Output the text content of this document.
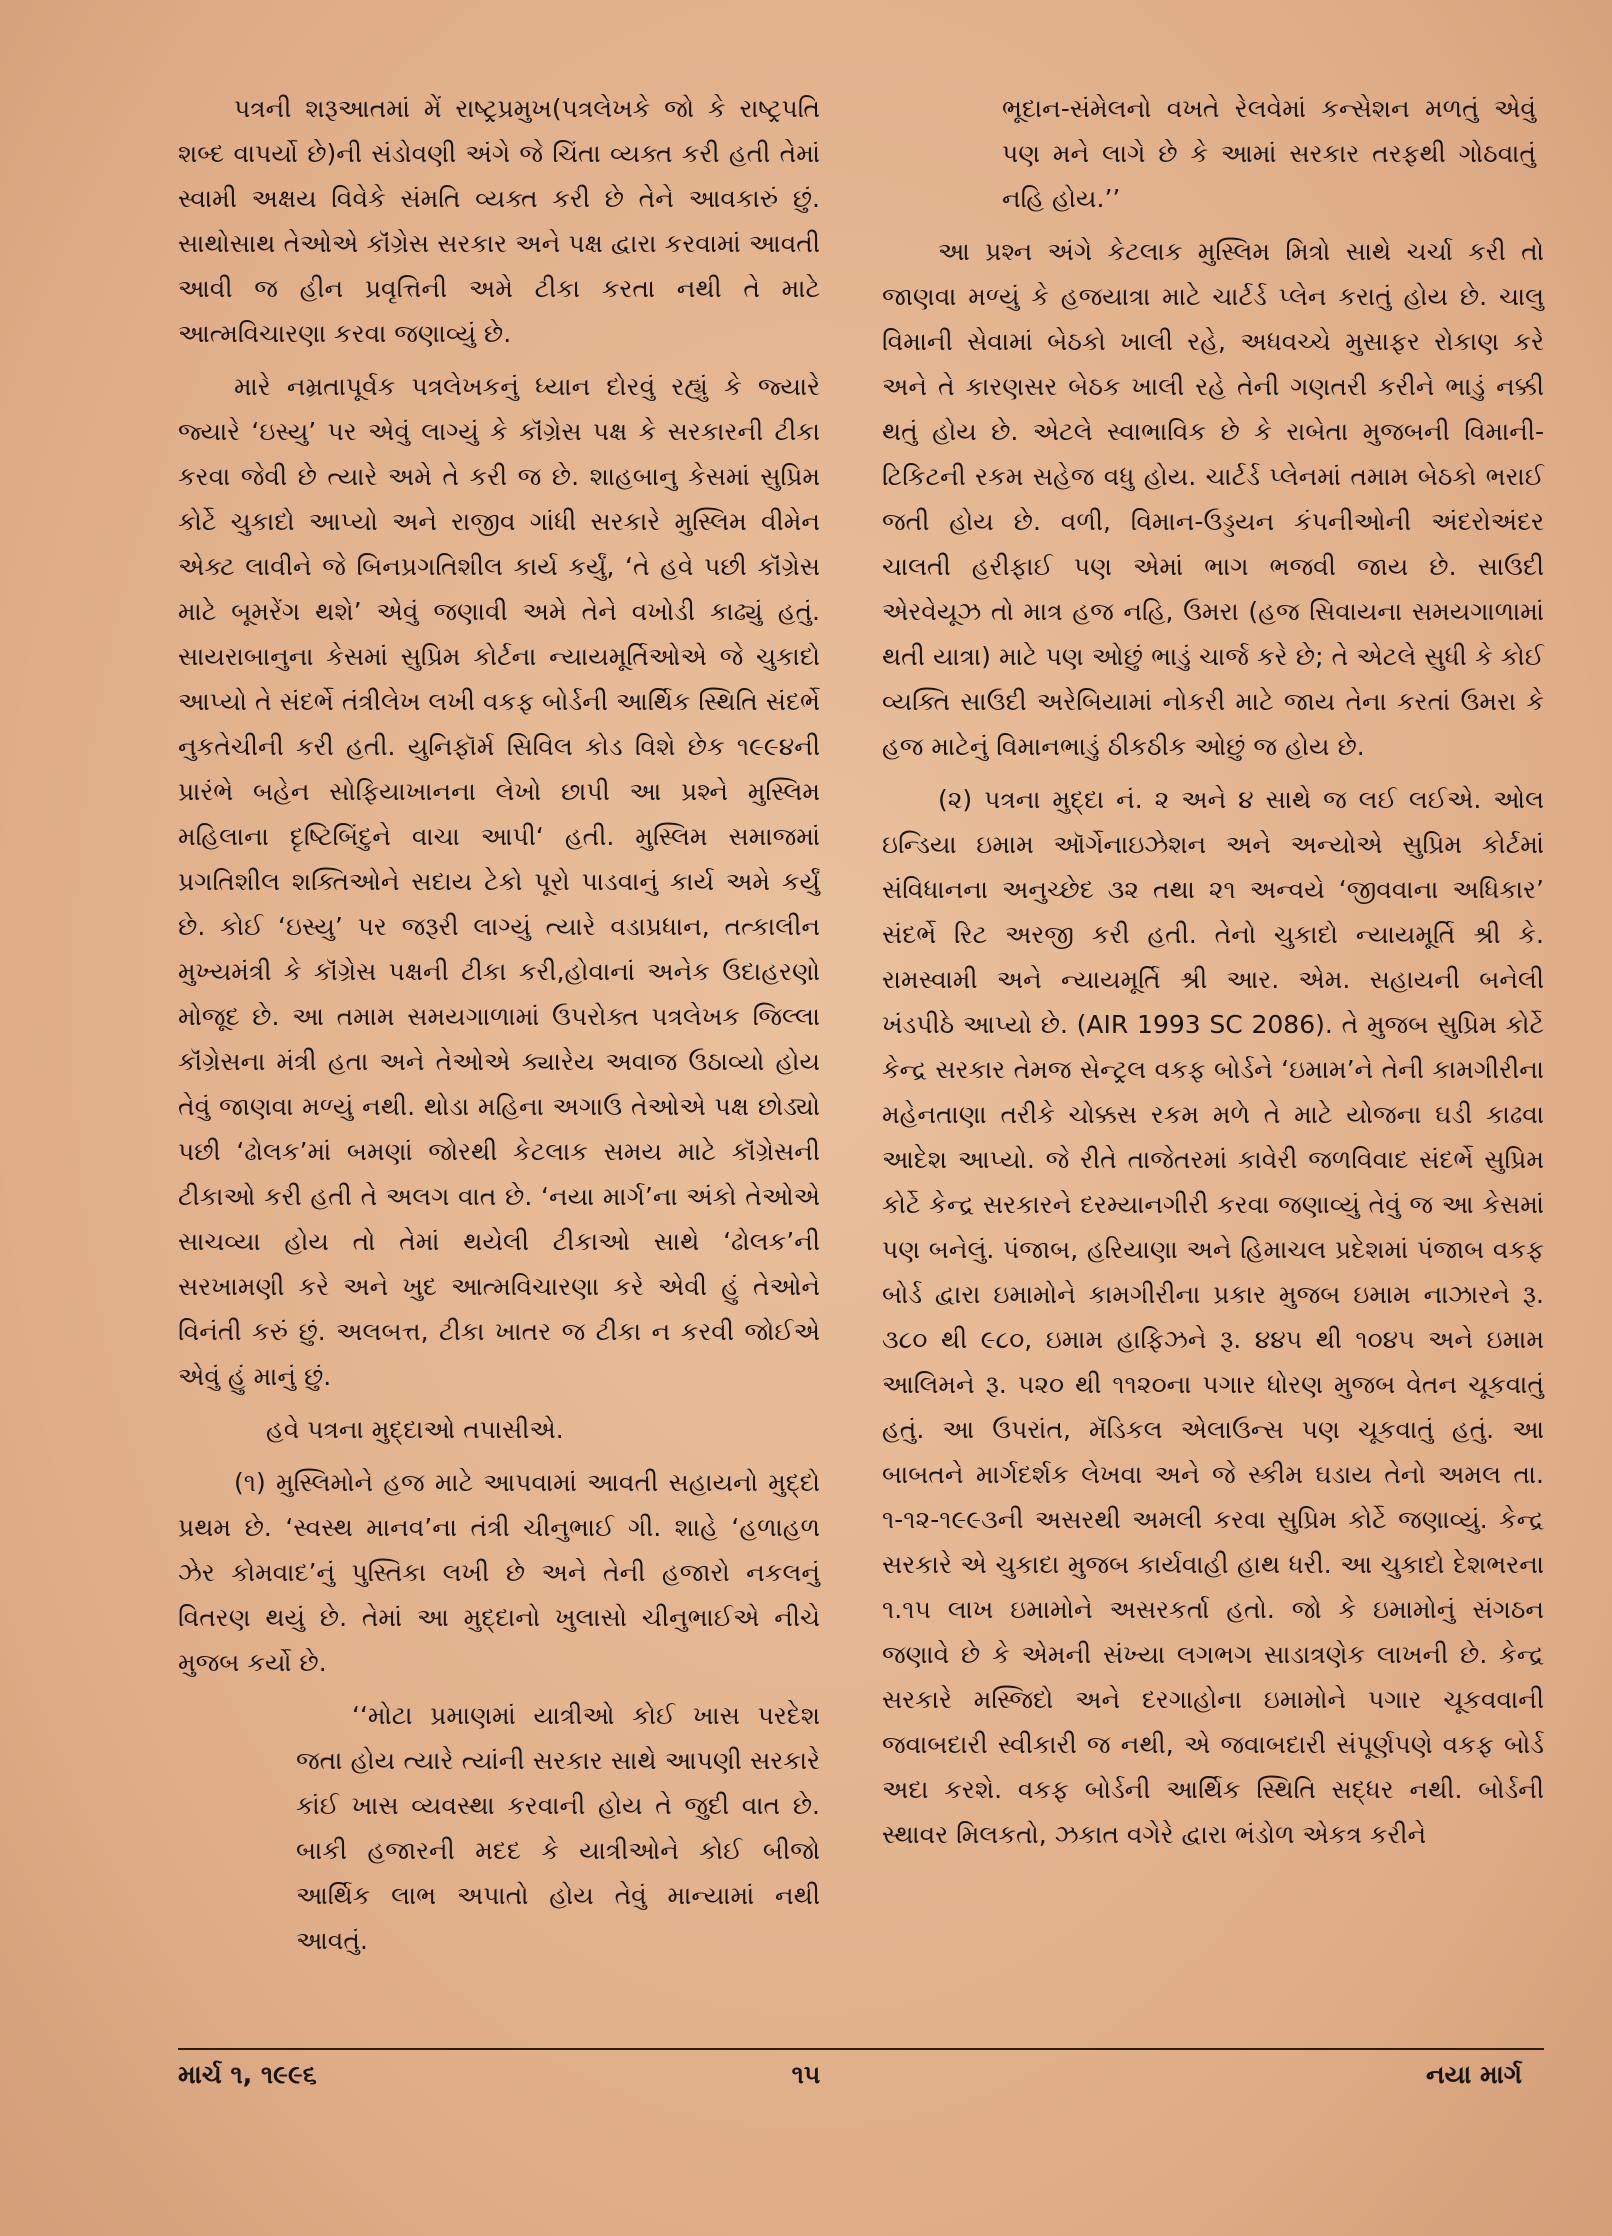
પત્રની શરૂઆતમાં મેં રાષ્ટ્રપ્રમુખ(પત્રલેખકે જો કે રાષ્ટ્રપતિ શબ્દ વાપર્યો છે)ની સંડોવણી અંગે જે ચિંતા વ્યક્ત કરી હતી તેમાં સ્વામી અક્ષય વિવેકે સંમતિ વ્યક્ત કરી છે તેને આવકારું છું. સાથોસાથ તેઓએ કૉંગ્રેસ સરકાર અને પક્ષ દ્વારા કરવામાં આવતી આવી જ હીન પ્રવૃત્તિની અમે ટીકા કરતા નથી તે માટે આત્મવિચારણા કરવા જણાવ્યું છે.

મારે નમ્રતાપૂર્વક પત્રલેખકનું ધ્યાન દોરવું રહ્યું કે જ્યારે જ્યારે ‘ઇસ્યુ’ પર એવું લાગ્યું કે કૉંગ્રેસ પક્ષ કે સરકારની ટીકા કરવા જેવી છે ત્યારે અમે તે કરી જ છે. શાહબાનુ કેસમાં સુપ્રિમ કોર્ટે ચુકાદો આપ્યો અને રાજીવ ગાંધી સરકારે મુસ્લિમ વીમેન એક્ટ લાવીને જે બિનપ્રગતિશીલ કાર્ય કર્યું, ‘તે હવે પછી કૉંગ્રેસ માટે બૂમરેંગ થશે’ એવું જણાવી અમે તેને વખોડી કાઢ્યું હતું. સાયરાબાનુના કેસમાં સુપ્રિમ કોર્ટના ન્યાયમૂર્તિઓએ જે ચુકાદો આપ્યો તે સંદર્ભે તંત્રીલેખ લખી વકફ બોર્ડની આર્થિક સ્થિતિ સંદર્ભે નુકતેચીની કરી હતી. યુનિફૉર્મ સિવિલ કોડ વિશે છેક ૧૯૯૪ની પ્રારંભે બહેન સોફિયાખાનના લેખો છાપી આ પ્રશ્ને મુસ્લિમ મહિલાના દૃષ્ટિબિંદુને વાચા આપી‘ હતી. મુસ્લિમ સમાજમાં પ્રગતિશીલ શક્તિઓને સદાય ટેકો પૂરો પાડવાનું કાર્ય અમે કર્યું છે. કોઈ ‘ઇસ્યુ’ પર જરૂરી લાગ્યું ત્યારે વડાપ્રધાન, તત્કાલીન મુખ્યમંત્રી કે કૉંગ્રેસ પક્ષની ટીકા કરી,હોવાનાં અનેક ઉદાહરણો મોજૂદ છે. આ તમામ સમયગાળામાં ઉપરોક્ત પત્રલેખક જિલ્લા કૉંગ્રેસના મંત્રી હતા અને તેઓએ ક્યારેય અવાજ ઉઠાવ્યો હોય તેવું જાણવા મળ્યું નથી. થોડા મહિના અગાઉ તેઓએ પક્ષ છોડ્યો પછી ‘ઢોલક’માં બમણાં જોરથી કેટલાક સમય માટે કૉંગ્રેસની ટીકાઓ કરી હતી તે અલગ વાત છે. ‘નયા માર્ગ’ના અંકો તેઓએ સાચવ્યા હોય તો તેમાં થયેલી ટીકાઓ સાથે ‘ઢોલક’ની સરખામણી કરે અને ખુદ આત્મવિચારણા કરે એવી હું તેઓને વિનંતી કરું છું. અલબત્ત, ટીકા ખાતર જ ટીકા ન કરવી જોઈએ એવું હું માનું છું.

હવે પત્રના મુદ્દાઓ તપાસીએ.

(૧) મુસ્લિમોને હજ માટે આપવામાં આવતી સહાયનો મુદ્દો પ્રથમ છે. ‘સ્વસ્થ માનવ’ના તંત્રી ચીનુભાઈ ગી. શાહે ‘હળાહળ ઝેર કોમવાદ’નું પુસ્તિકા લખી છે અને તેની હજારો નકલનું વિતરણ થયું છે. તેમાં આ મુદ્દાનો ખુલાસો ચીનુભાઈએ નીચે મુજબ કર્યો છે.

‘‘મોટા પ્રમાણમાં યાત્રીઓ કોઈ ખાસ પરદેશ જતા હોય ત્યારે ત્યાંની સરકાર સાથે આપણી સરકારે કાંઈ ખાસ વ્યવસ્થા કરવાની હોય તે જુદી વાત છે. બાકી હજારની મદદ કે યાત્રીઓને કોઈ બીજો આર્થિક લાભ અપાતો હોય તેવું માન્યામાં નથી આવતું.

ભૂદાન-સંમેલનો વખતે રેલવેમાં કન્સેશન મળતું એવું પણ મને લાગે છે કે આમાં સરકાર તરફથી ગોઠવાતું નહિ હોય.’’

આ પ્રશ્ન અંગે કેટલાક મુસ્લિમ મિત્રો સાથે ચર્ચા કરી તો જાણવા મળ્યું કે હજયાત્રા માટે ચાર્ટર્ડ પ્લેન કરાતું હોય છે. ચાલુ વિમાની સેવામાં બેઠકો ખાલી રહે, અધવચ્ચે મુસાફર રોકાણ કરે અને તે કારણસર બેઠક ખાલી રહે તેની ગણતરી કરીને ભાડું નક્કી થતું હોય છે. એટલે સ્વાભાવિક છે કે રાબેતા મુજબની વિમાની-ટિકિટની રકમ સહેજ વધુ હોય. ચાર્ટર્ડ પ્લેનમાં તમામ બેઠકો ભરાઈ જતી હોય છે. વળી, વિમાન-ઉડ્ડયન કંપનીઓની અંદરોઅંદર ચાલતી હરીફાઈ પણ એમાં ભાગ ભજવી જાય છે. સાઉદી એરવેયૂઝ તો માત્ર હજ નહિ, ઉમરા (હજ સિવાયના સમયગાળામાં થતી યાત્રા) માટે પણ ઓછું ભાડું ચાર્જ કરે છે; તે એટલે સુધી કે કોઈ વ્યક્તિ સાઉદી અરેબિયામાં નોકરી માટે જાય તેના કરતાં ઉમરા કે હજ માટેનું વિમાનભાડું ઠીકઠીક ઓછું જ હોય છે.

(૨) પત્રના મુદ્દા નં. ૨ અને ૪ સાથે જ લઈ લઈએ. ઓલ ઇન્ડિયા ઇમામ ઑર્ગેનાઇઝેશન અને અન્યોએ સુપ્રિમ કોર્ટમાં સંવિધાનના અનુચ્છેદ ૩૨ તથા ૨૧ અન્વયે ‘જીવવાના અધિકાર’ સંદર્ભે રિટ અરજી કરી હતી. તેનો ચુકાદો ન્યાયમૂર્તિ શ્રી કે. રામસ્વામી અને ન્યાયમૂર્તિ શ્રી આર. એમ. સહાયની બનેલી ખંડપીઠે આપ્યો છે. (AIR 1993 SC 2086). તે મુજબ સુપ્રિમ કોર્ટે કેન્દ્ર સરકાર તેમજ સેન્ટ્રલ વકફ બોર્ડને ‘ઇમામ’ને તેની કામગીરીના મહેનતાણા તરીકે ચોક્કસ રકમ મળે તે માટે યોજના ઘડી કાઢવા આદેશ આપ્યો. જે રીતે તાજેતરમાં કાવેરી જળવિવાદ સંદર્ભે સુપ્રિમ કોર્ટે કેન્દ્ર સરકારને દરમ્યાનગીરી કરવા જણાવ્યું તેવું જ આ કેસમાં પણ બનેલું. પંજાબ, હરિયાણા અને હિમાચલ પ્રદેશમાં પંજાબ વકફ બોર્ડ દ્વારા ઇમામોને કામગીરીના પ્રકાર મુજબ ઇમામ નાઝારને રૂ. ૩૮૦ થી ૯૮૦, ઇમામ હાફિઝને રૂ. ૪૪૫ થી ૧૦૪૫ અને ઇમામ આલિમને રૂ. ૫૨૦ થી ૧૧૨૦ના પગાર ધોરણ મુજબ વેતન ચૂકવાતું હતું. આ ઉપરાંત, મૅડિકલ એલાઉન્સ પણ ચૂકવાતું હતું. આ બાબતને માર્ગદર્શક લેખવા અને જે સ્કીમ ઘડાય તેનો અમલ તા. ૧-૧૨-૧૯૯૩ની અસરથી અમલી કરવા સુપ્રિમ કોર્ટે જણાવ્યું. કેન્દ્ર સરકારે એ ચુકાદા મુજબ કાર્યવાહી હાથ ધરી. આ ચુકાદો દેશભરના ૧.૧૫ લાખ ઇમામોને અસરકર્તા હતો. જો કે ઇમામોનું સંગઠન જણાવે છે કે એમની સંખ્યા લગભગ સાડાત્રણેક લાખની છે. કેન્દ્ર સરકારે મસ્જિદો અને દરગાહોના ઇમામોને પગાર ચૂકવવાની જવાબદારી સ્વીકારી જ નથી, એ જવાબદારી સંપૂર્ણપણે વકફ બોર્ડ અદા કરશે. વકફ બોર્ડની આર્થિક સ્થિતિ સદ્ધર નથી. બોર્ડની સ્થાવર મિલકતો, ઝકાત વગેરે દ્વારા ભંડોળ એકત્ર કરીને

માર્ચ ૧, ૧૯૯૬	૧૫	નયા માર્ગ
